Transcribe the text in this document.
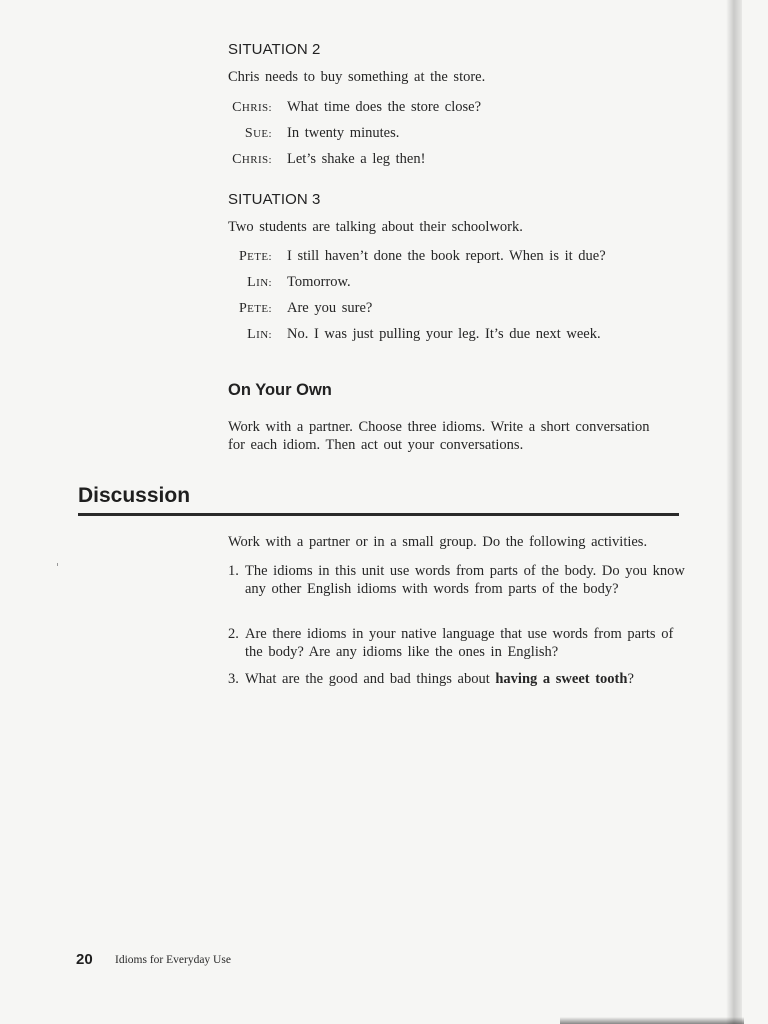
SITUATION 2
Chris needs to buy something at the store.
CHRIS: What time does the store close?
SUE: In twenty minutes.
CHRIS: Let’s shake a leg then!
SITUATION 3
Two students are talking about their schoolwork.
PETE: I still haven’t done the book report. When is it due?
LIN: Tomorrow.
PETE: Are you sure?
LIN: No. I was just pulling your leg. It’s due next week.
On Your Own
Work with a partner. Choose three idioms. Write a short conversation
for each idiom. Then act out your conversations.
Discussion
Work with a partner or in a small group. Do the following activities.
1. The idioms in this unit use words from parts of the body. Do you know any other English idioms with words from parts of the body?
2. Are there idioms in your native language that use words from parts of the body? Are any idioms like the ones in English?
3. What are the good and bad things about having a sweet tooth?
20 Idioms for Everyday Use
